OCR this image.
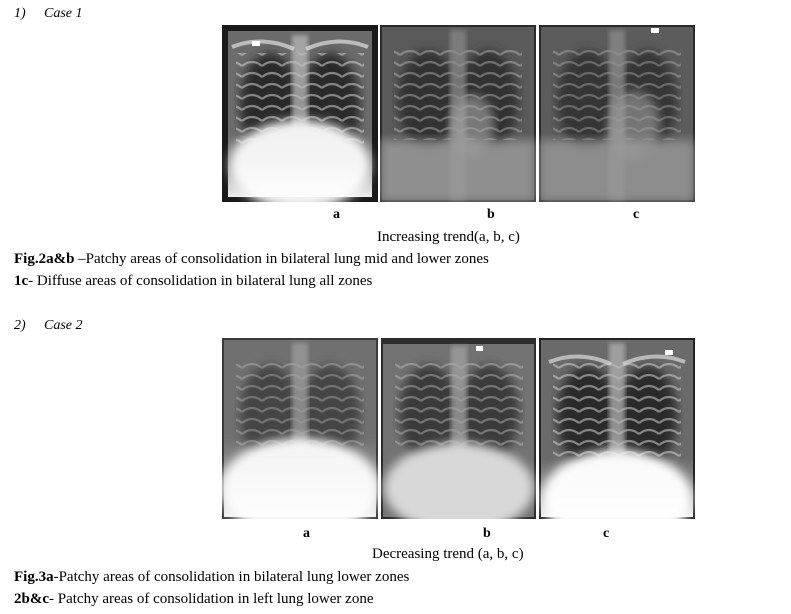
1) Case 1
a	b	c
Increasing trend(a, b, c)
Fig.2a&b –Patchy areas of consolidation in bilateral lung mid and lower zones
1c- Diffuse areas of consolidation in bilateral lung all zones
2) Case 2
a	b	c
Decreasing trend (a, b, c)
Fig.3a-Patchy areas of consolidation in bilateral lung lower zones
2b&c- Patchy areas of consolidation in left lung lower zone
